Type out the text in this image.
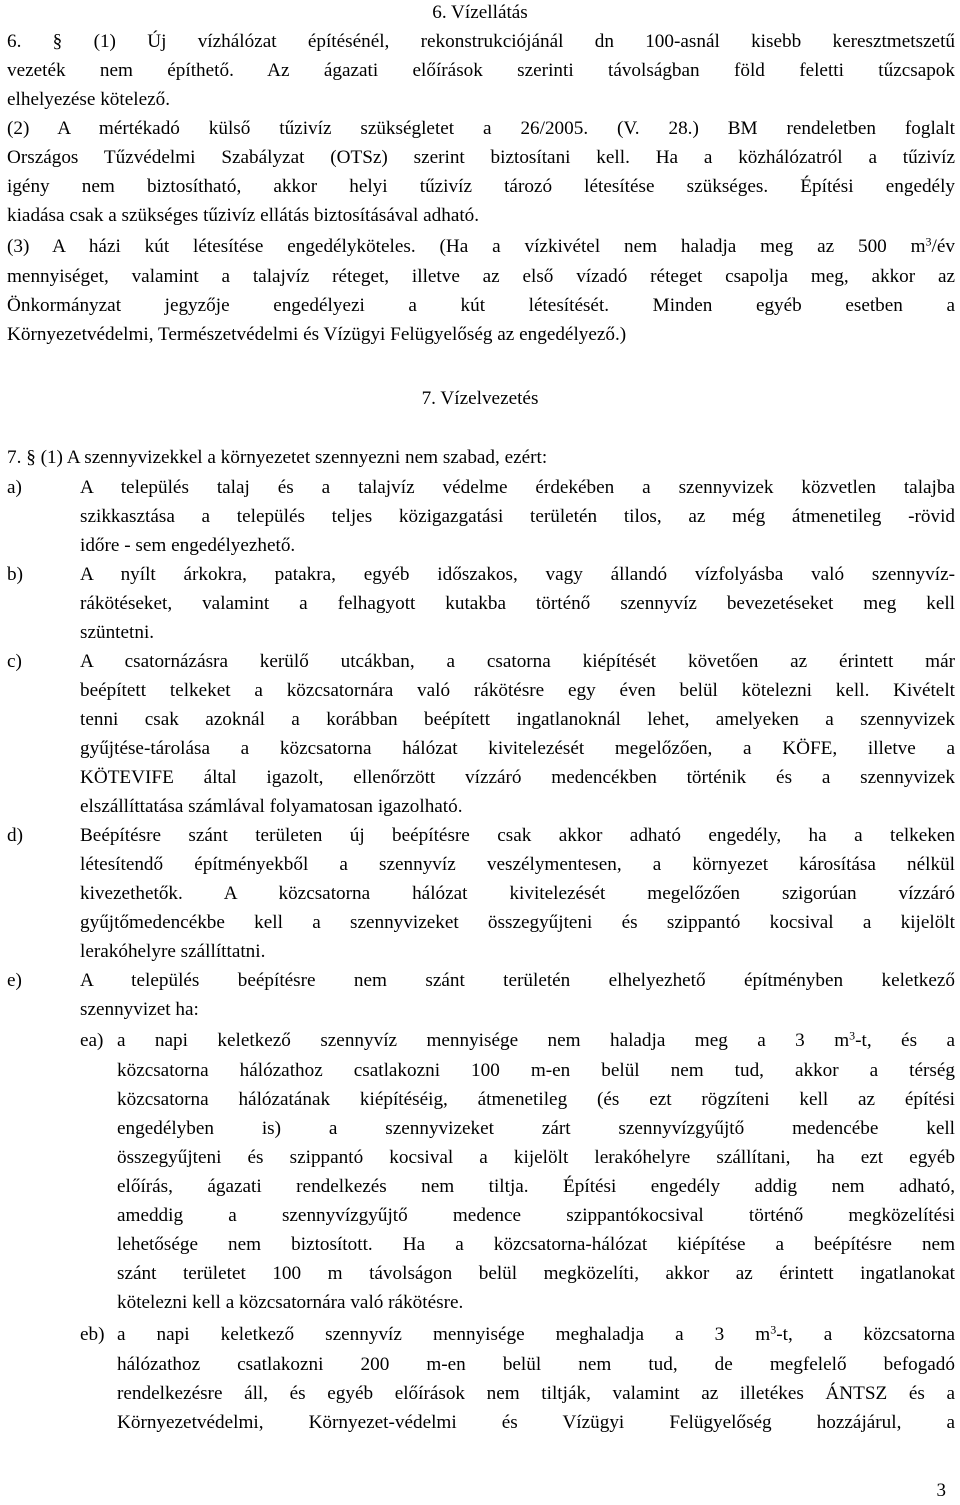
6. Vízellátás
6. § (1) Új vízhálózat építésénél, rekonstrukciójánál dn 100-asnál kisebb keresztmetszetű
vezeték nem építhető. Az ágazati előírások szerinti távolságban föld feletti tűzcsapok
elhelyezése kötelező.
(2) A mértékadó külső tűzivíz szükségletet a 26/2005. (V. 28.) BM rendeletben foglalt
Országos Tűzvédelmi Szabályzat (OTSz) szerint biztosítani kell. Ha a közhálózatról a tűzivíz
igény nem biztosítható, akkor helyi tűzivíz tározó létesítése szükséges. Építési engedély
kiadása csak a szükséges tűzivíz ellátás biztosításával adható.
(3) A házi kút létesítése engedélyköteles. (Ha a vízkivétel nem haladja meg az 500 $m^3/év$
mennyiséget, valamint a talajvíz réteget, illetve az első vízadó réteget csapolja meg, akkor az
Önkormányzat jegyzője engedélyezi a kút létesítését. Minden egyéb esetben a
Környezetvédelmi, Természetvédelmi és Vízügyi Felügyelőség az engedélyező.)
7. Vízelvezetés
7. § (1) A szennyvizekkel a környezetet szennyezni nem szabad, ezért:
a)	A település talaj és a talajvíz védelme érdekében a szennyvizek közvetlen talajba
szikkasztása a település teljes közigazgatási területén tilos, az még átmenetileg -rövid
időre - sem engedélyezhető.
b)	A nyílt árkokra, patakra, egyéb időszakos, vagy állandó vízfolyásba való szennyvíz-
rákötéseket, valamint a felhagyott kutakba történő szennyvíz bevezetéseket meg kell
szüntetni.
c)	A csatornázásra kerülő utcákban, a csatorna kiépítését követően az érintett már
beépített telkeket a közcsatornára való rákötésre egy éven belül kötelezni kell. Kivételt
tenni csak azoknál a korábban beépített ingatlanoknál lehet, amelyeken a szennyvizek
gyűjtése-tárolása a közcsatorna hálózat kivitelezését megelőzően, a KÖFE, illetve a
KÖTEVIFE által igazolt, ellenőrzött vízzáró medencékben történik és a szennyvizek
elszállíttatása számlával folyamatosan igazolható.
d)	Beépítésre szánt területen új beépítésre csak akkor adható engedély, ha a telkeken
létesítendő építményekből a szennyvíz veszélymentesen, a környezet károsítása nélkül
kivezethetők. A közcsatorna hálózat kivitelezését megelőzően szigorúan vízzáró
gyűjtőmedencékbe kell a szennyvizeket összegyűjteni és szippantó kocsival a kijelölt
lerakóhelyre szállíttatni.
e)	A település beépítésre nem szánt területén elhelyezhető építményben keletkező
szennyvizet ha:
ea) a napi keletkező szennyvíz mennyisége nem haladja meg a 3 $m^3-t$, és a
közcsatorna hálózathoz csatlakozni 100 m-en belül nem tud, akkor a térség
közcsatorna hálózatának kiépítéséig, átmenetileg (és ezt rögzíteni kell az építési
engedélyben is) a szennyvizeket zárt szennyvízgyűjtő medencébe kell
összegyűjteni és szippantó kocsival a kijelölt lerakóhelyre szállítani, ha ezt egyéb
előírás, ágazati rendelkezés nem tiltja. Építési engedély addig nem adható,
ameddig a szennyvízgyűjtő medence szippantókocsival történő megközelítési
lehetősége nem biztosított. Ha a közcsatorna-hálózat kiépítése a beépítésre nem
szánt területet 100 m távolságon belül megközelíti, akkor az érintett ingatlanokat
kötelezni kell a közcsatornára való rákötésre.
eb) a napi keletkező szennyvíz mennyisége meghaladja a 3 $m^3-t$, a közcsatorna
hálózathoz csatlakozni 200 m-en belül nem tud, de megfelelő befogadó
rendelkezésre áll, és egyéb előírások nem tiltják, valamint az illetékes ÁNTSZ és a
Környezetvédelmi, Környezet-védelmi és Vízügyi Felügyelőség hozzájárul, a
3
